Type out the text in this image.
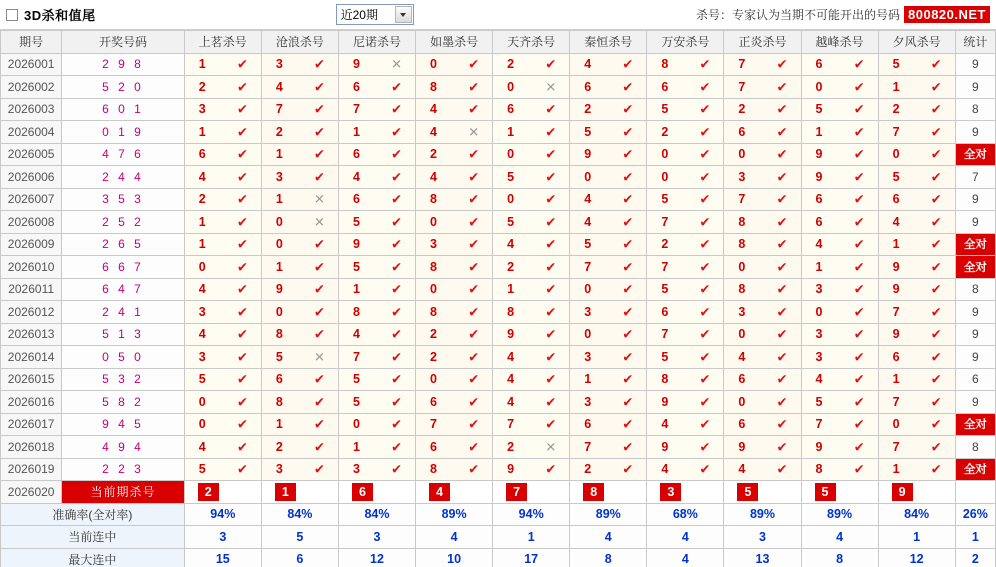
3D杀和值尾	近20期	杀号：专家认为当期不可能开出的号码 800820.NET
期号	开奖号码	上茗杀号	沧浪杀号	尼诺杀号	如墨杀号	天齐杀号	秦恒杀号	万安杀号	正炎杀号	越峰杀号	夕风杀号	统计
2026001	2 9 8	1 ✔	3 ✔	9 ✕	0 ✔	2 ✔	4 ✔	8 ✔	7 ✔	6 ✔	5 ✔	9
2026002	5 2 0	2 ✔	4 ✔	6 ✔	8 ✔	0 ✕	6 ✔	6 ✔	7 ✔	0 ✔	1 ✔	9
2026003	6 0 1	3 ✔	7 ✔	7 ✔	4 ✔	6 ✔	2 ✔	5 ✔	2 ✔	5 ✔	2 ✔	8
2026004	0 1 9	1 ✔	2 ✔	1 ✔	4 ✕	1 ✔	5 ✔	2 ✔	6 ✔	1 ✔	7 ✔	9
2026005	4 7 6	6 ✔	1 ✔	6 ✔	2 ✔	0 ✔	9 ✔	0 ✔	0 ✔	9 ✔	0 ✔	全对
2026006	2 4 4	4 ✔	3 ✔	4 ✔	4 ✔	5 ✔	0 ✔	0 ✔	3 ✔	9 ✔	5 ✔	7
2026007	3 5 3	2 ✔	1 ✕	6 ✔	8 ✔	0 ✔	4 ✔	5 ✔	7 ✔	6 ✔	6 ✔	9
2026008	2 5 2	1 ✔	0 ✕	5 ✔	0 ✔	5 ✔	4 ✔	7 ✔	8 ✔	6 ✔	4 ✔	9
2026009	2 6 5	1 ✔	0 ✔	9 ✔	3 ✔	4 ✔	5 ✔	2 ✔	8 ✔	4 ✔	1 ✔	全对
2026010	6 6 7	0 ✔	1 ✔	5 ✔	8 ✔	2 ✔	7 ✔	7 ✔	0 ✔	1 ✔	9 ✔	全对
2026011	6 4 7	4 ✔	9 ✔	1 ✔	0 ✔	1 ✔	0 ✔	5 ✔	8 ✔	3 ✔	9 ✔	8
2026012	2 4 1	3 ✔	0 ✔	8 ✔	8 ✔	8 ✔	3 ✔	6 ✔	3 ✔	0 ✔	7 ✔	9
2026013	5 1 3	4 ✔	8 ✔	4 ✔	2 ✔	9 ✔	0 ✔	7 ✔	0 ✔	3 ✔	9 ✔	9
2026014	0 5 0	3 ✔	5 ✕	7 ✔	2 ✔	4 ✔	3 ✔	5 ✔	4 ✔	3 ✔	6 ✔	9
2026015	5 3 2	5 ✔	6 ✔	5 ✔	0 ✔	4 ✔	1 ✔	8 ✔	6 ✔	4 ✔	1 ✔	6
2026016	5 8 2	0 ✔	8 ✔	5 ✔	6 ✔	4 ✔	3 ✔	9 ✔	0 ✔	5 ✔	7 ✔	9
2026017	9 4 5	0 ✔	1 ✔	0 ✔	7 ✔	7 ✔	6 ✔	4 ✔	6 ✔	7 ✔	0 ✔	全对
2026018	4 9 4	4 ✔	2 ✔	1 ✔	6 ✔	2 ✕	7 ✔	9 ✔	9 ✔	9 ✔	7 ✔	8
2026019	2 2 3	5 ✔	3 ✔	3 ✔	8 ✔	9 ✔	2 ✔	4 ✔	4 ✔	8 ✔	1 ✔	全对
2026020	当前期杀号	2	1	6	4	7	8	3	5	5	9	

准确率(全对率)		94%	84%	84%	89%	94%	89%	68%	89%	89%	84%	26%
当前连中		3	5	3	4	1	4	4	3	4	1	1
最大连中		15	6	12	10	17	8	4	13	8	12	2
